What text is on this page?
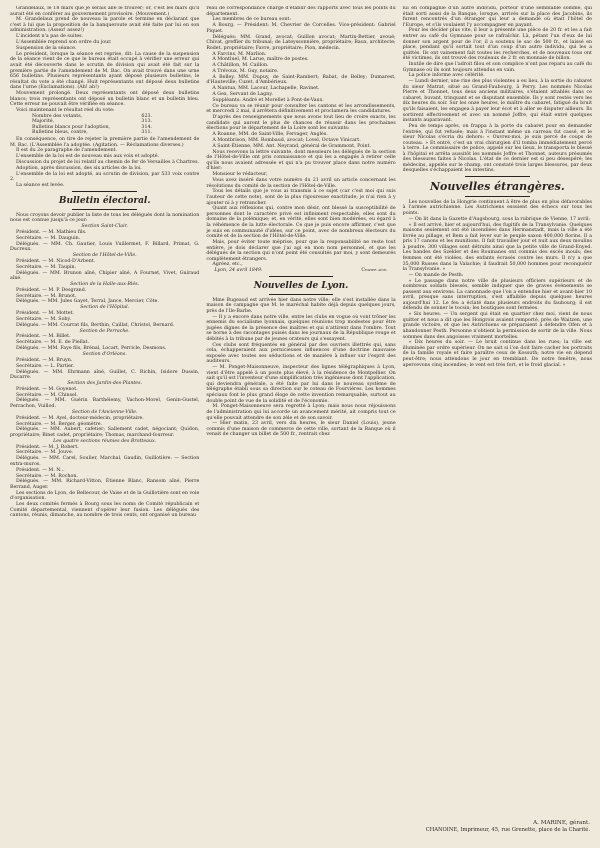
Grandelaux, le 18 mars que je serais allé le trouver; or, c'est les mars qu'il aurait été en conférer au gouvernement provisoire. (Mouvement.)

M. Grandelaux prend de nouveau la parole et termine en déclarant que c'est à lui que la proposition de la banqueroute avait été faite par lui en son administration. (Assez! assez!)

L'incident n'a pas de suites.

L'Assemblée reprend son ordre du jour.

Suspension de la séance.

Le président, lorsque la séance est reprise, dit: La cause de la suspension de la séance vient de ce que le bureau était occupé à vérifier une erreur qui avait été découverte dans le scrutin de division qui avait été fait sur la première partie de l'amendement de M. Bac. On avait trouvé dans une urne 656 bulletins. Plusieurs représentants ayant déposé plusieurs bulletins, le résultat du vote a été changé. Huit représentants ont déposé deux bulletins dans l'urne (Exclamations). (Ah! ah!)

Mouvement prolongé. Deux représentants ont déposé deux bulletins blancs; trois représentants ont déposé un bulletin blanc et un bulletin bleu. Cette erreur ne pouvait être vérifiée en séance.

Voici maintenant le résultat réel du vote:

Nombre des votants,	623.
Majorité,	313.
Bulletins blancs pour l'adoption,	314.
Bulletins bleus, contre,	311.

En conséquence, on tire de rejeter la première partie de l'amendement de M. Bac. (L'Assemblée l'a adoptée. (Agitation. — Réclamations diverses.)

Il est du 2e paragraphe de l'amendement.

L'ensemble de la loi est de nouveau mis aux voix et adopté.

Discussion du projet de loi relatif au chemin de fer de Versailles à Chartres.

Adoption, après discussion, des six articles de la loi.

L'ensemble de la loi est adopté, au scrutin de division, par 533 voix contre 2.

La séance est levée.

Bulletin électoral.

Nous croyons devoir publier la liste de tous les délégués dont la nomination nous est connue jusqu'à ce jour:

Section Saint-Clair.

Président. — M. Mathieu fils.

Secrétaire. — M. Dauguin.

Délégués. — MM. Ch. Gautier, Louis Vuillermet, F. Billard, Primat, G. Ducreux.

Section de l'Hôtel-de-Ville.

Président. — M. Nicod-D'Arbent.

Secrétaire. — M. Taupin.

Délégués. — MM. Brunon aîné, Chipier aîné, A Fournet, Vivet, Guiraud aîné.

Section de la Halle-aux-Blés.

Président. — M. P. Desgrand.

Secrétaire. — M. Brunot.

Délégués. — MM. Jules Gayet, Terral, Jance, Mercier, Côte.

Section de l'Hôpital.

Président. — M. Mottet.

Secrétaire. — M. Soby.

Délégués. — MM. Courrat fils, Berthin, Caillat, Christol, Bernard.

Section de Perrache.

Président. — M. Billet.

Secrétaire. — M. E. de Piellat.

Délégués. — MM. Faye fils, Brénal, Locart, Perricle, Desmons.

Section d'Orléans.

Président. — M. Bruyn.

Secrétaire. — L. Partier.

Délégués. — MM. Ehrmann aîné, Guillet, C. Richin, Isidore Dussin, Ducarre.

Section des Jardin-des-Plantes.

Président. — M. Goyenot.

Secrétaire. — M. Chinsel.

Délégués. — MM. Guérin Barthélemy, Vachon-Morel, Genin-Gustel, Perrachon, Vuillod.

Section de l'Ancienne-Ville.

Président. — M. Ayel, docteur-médecin, propriétaire.

Secrétaire. — M. Berger, géomètre.

Délégués. — MM. Aubert, cafetier; Sallement cadet, négociant; Quidon, propriétaire; Binet cadet, propriétaire; Thomas, marchand-fourreur.

Les quatre sections réunies des Brotteaux.

Président. — M. J. Robert.

Secrétaire. — M. Jouve.

Délégués. — MM. Carel, Soulier, Marchal, Gaudin, Guillotière. — Section extra-muros.

Président. — M. N...

Secrétaire. — M. Rochon.

Délégués. — MM. Richard-Vitton, Étienne Blanc, Ransom aîné, Pierre Berrand, Auger.

Les sections de Lyon, de Bellecour, de Vaise et de la Guillotière sont en voie d'organisation.

Les deux comités fermés à Bourg sous les noms de Comité républicain et Comité départemental, viennent d'opérer leur fusion. Les délégués des cantons, réunis, dimanche, au nombre de trois cents, ont organisé un bureau

reau de correspondance chargé d'établir des rapports avec tous les points du département.

Les membres de ce bureau sont:

A Bourg. — Président: M. Chevrier de Corcelles. Vice-président: Gabriel Piquet.

Délégués: MM. Grand, avocat; Guillon avocat; Martin-Bettier, avoué; Chivat, greffier du tribunal; de Lateyssonnière, propriétaire; Baux, architecte; Rodet, propriétaire; Favre, propriétaire; Pion, médecin.

A Farcins, M. Marlion.

A Montluel, M. Larue, maître de postes.

A Châtillon, M. Caillon.

A Trévoux, M. Guy, notaire.

A Belley, MM. Dupuy, de Saint-Rambert; Babat, de Belley; Dumarest, d'Hauteville; Cuzet, d'Ambérieux.

A Nantua, MM. Lacour, Lachapelle, Ravinet.

A Gex, Servant de Lagny.

Suppléants: André et Morellet à Pont-de-Vaux.

Ce bureau va se réunir pour consulter les cantons et les arrondissements, et mercredi 2 mai, il arrêtera définitivement et proclamera les candidatures.

D'après des renseignements que nous avons tout lieu de croire exacts, les candidats qui auront le plus de chances de réussir dans les prochaines élections pour le département de la Loire sont les suivants:

A Roanne, MM. de Saint-Ville, Ferrager, Anglès.

A Montbrison, MM. Rombaud, avocat; Lovel, Octave Vinicart.

A Saint-Étienne, MM. Ant. Neyrand, général de Grammont, Point.

Nous recevons la lettre suivante, dont messieurs les délégués de la section de l'Hôtel-de-Ville ont pris connaissance et qui les a engagés à retirer celle qu'ils nous avaient adressée et qui n'a pu trouver place dans notre numéro d'hier:

Monsieur le rédacteur,

Vous avez inséré dans votre numéro du 21 avril un article concernant les résolutions du comité de la section de l'Hôtel-de-Ville.

Tous les détails que je vous ai transmis à ce sujet (car c'est moi qui suis l'auteur de cette note), sont de la plus rigoureuse exactitude; je n'ai rien à y ajouter ni à y retrancher.

Quant aux réflexions qui, contre mon désir, ont blessé la susceptibilité de personnes dont le caractère privé est infiniment respectable, elles sont du domaine de la polémique; et, en vérité, elles sont bien modérées, eu égard à la véhémence de la lutte électorale. Ce que je puis encore affirmer, c'est que je suis en communauté d'idées, sur ce point, avec de nombreux électeurs du comité et de la section de l'Hôtel-de-Ville.

Mais, pour éviter toute méprise, pour que la responsabilité ne reste tout entière, je dois déclarer que j'ai agi en mon nom personnel, et que les délégués de la section qui n'ont point été consultés par moi, y sont demeurés complètement étrangers.

Agréez, etc.,

Lyon, 24 avril 1849.	Chipier aîné.
Nouvelles de Lyon.

Mme Bugeaud est arrivée hier dans notre ville; elle s'est installée dans la maison de campagne que M. le maréchal habite déjà depuis quelques jours, près de l'Ile-Barbe.

— Il y a encore dans notre ville, entre les clubs en vogue où vont trôner les ennemis du socialisme lyonnais, quelques réunions trop modestes pour être jugées dignes de la présence des maîtres et qui n'attirent dans l'ombre. Tout se borne à des racontages puisés dans les journaux de la République rouge et débités à la tribune par de jeunes orateurs qui s'essayent.

Ces clubs sont fréquentés en général par des ouvriers illettrés qui, sans cela, échapperaient aux pernicieuses influences d'une doctrine mauvaise exposée avec toutes ses séductions et de manière à influer sur l'esprit des auditeurs.

— M. Ponget-Maisonneuve, inspecteur des lignes télégraphiques à Lyon, vient d'être appelé à un poste plus élevé, à la résidence de Montpellier. On sait qu'il est l'inventeur d'une simplification très ingénieuse dont l'application, qui deviendra générale, a été faite par lui dans le nouveau système de télégraphe établi sous sa direction sur le coteau de Fourvières. Les hommes spéciaux font le plus grand éloge de cette invention remarquable, surtout au double point de vue de la solidité et de l'économie.

M. Ponget-Maisonneuve sera regretté à Lyon; mais nous nous réjouissons de l'administration qui lui accorde un avancement mérité, ait compris tout ce qu'elle pouvait attendre de son zèle et de son savoir.

— Hier matin, 23 avril, vers dix heures, le sieur Daniel (Louis), jeune commis d'une maison de commerce de cette ville, sortant de la Banque où il venait de changer un billet de 500 fr., rentrait chez

lui en compagnie d'un autre individu, porteur d'une semblable somme, qui était sorti aussi de la Banque, lorsque, arrivés sur la place des Jacobins, ils furent rencontrés d'un étranger qui leur a demandé où était l'hôtel de l'Europe, et s'ils voulaient l'y accompagner en payant.

Pour les décider plus vite, il leur a présenté une pièce de 20 fr. et les a fait entrer au café du Gymnase pour se rafraîchir. Là, pétant l'un d'eux de lui donner son argent pour de l'or, il a soutenu le sac de 500 fr., et laissé en place, pendant qu'il sortait tout d'un coup d'un autre individu, qui les a quittés. Ils ont vainement fait toutes les recherches, et de nouveaux tous ont été victimes, ils ont trouvé des rouleaux de 2 fr. en monnaie de billon.

Inutile de dire que l'adroit filou et son complice n'ont pas reparu au café du Gymnase où ils sont toujours attendus en vain.

La police informe avec célérité.

— Lundi dernier, une rixe des plus violentes a eu lieu, à la sortie du cabaret du sieur Matrat, situé au Grand-Faubourg, à Perry. Les nommés Nicolas Pierre et Thonnet, tous deux anciens militaires, s'étaient attablés dans ce cabaret, buvant, trinquant et se disputant ensemble. Ils y sont restés vers les dix heures du soir. Sur les onze heures, le maître du cabaret, fatigué du bruit qu'ils faisaient, les engagea à payer leur écot et à aller se disputer ailleurs. Ils sortirent effectivement et avec un nommé Joffre, qui était entré quelques instants auparavant.

Peu de temps après, on frappa à la porte du cabaret pour en demander l'entrée, qui fut refusée; mais à l'instant même un carreau fut cassé, et le sieur Nicolas s'écria du dehors: « Ouvrez-moi, je suis percé de coups de couteau. » Et entré, c'est un vrai chirurgien d'il tomba immédiatement percé à terre. Le commissaire de police, appelé sur les lieux, le transporta le blessé à l'hôpital et arrêta aussitôt les nommés Joffre et Thonnet, auteurs présumés des blessures faites à Nicolas. L'état de ce dernier est si peu désespéré; les médecins, appelés sur le champ, ont constaté trois larges blessures, par deux desquelles s'échappaient les intestins.

Nouvelles étrangères.

Les nouvelles de la Hongrie continuent à être de plus en plus défavorables à l'armée autrichienne. Les Autrichiens essuient des échecs sur tous les points.

— On lit dans la Gazette d'Augsbourg, sous la rubrique de Vienne, 17 avril:

« Il est arrivé, hier et aujourd'hui, des fugitifs de la Transylvanie. Quelques maisons seulement ont été incendiées dans Hermanstadt, mais la ville a été livrée au pillage, et Bem a fait lever sur le peuple saxon 400,000 florins. Il a pris 17 canons et les munitions. Il fait travailler jour et nuit aux deux moulins à poudre. 300 villages sont détruits ainsi que la petite ville de Grand-Enyed. Les bandes des Szekler et des Roumanes ont commis des excès inouïs; des femmes ont été violées, des enfants écrasés contre les murs. Il n'y a que 35,000 Russes dans la Valachie; il faudrait 50,000 hommes pour reconquérir la Transylvanie. »

— On mande de Pesth:

« Le passage dans notre ville de plusieurs officiers supérieurs et de nombreux soldats blessés, semble indiquer que de graves événements se passent aux environs. La canonnade que l'on a entendue hier et avant-hier 10 avril, presque sans interruption, s'est affaiblie depuis quelques heures aujourd'hui 12. Le feu a éclaté dans plusieurs endroits du faubourg; il est défendu de sonner le tocsin; les boutiques sont fermées.

« Six heures. — Un sergent qui était en quartier chez moi, vient de nous quitter et nous a dit que les Hongrois avaient remporté, près de Waitzen, une grande victoire, et que les Autrichiens se préparaient à défendre Ofen et à abandonner Pesth. Personne n'obtient la permission de sortir de la ville. Nous sommes dans des angoisses vraiment mortelles.

« Dix heures du soir. — Le bruit continue dans les rues; la ville est illuminée par ordre supérieur. On ne sait si l'on doit faire cacher les portraits de la famille royale et faire paraître ceux de Kossuth; notre vie en dépend peut-être; nous attendons le jour en tremblant. De notre fenêtre, nous apercevons cinq incendies; le vent est très fort, et le froid glacial. »

A. MARINE, gérant.
CHANOINE, Imprimeur, 45, rue Grenette, place de la Charité.
